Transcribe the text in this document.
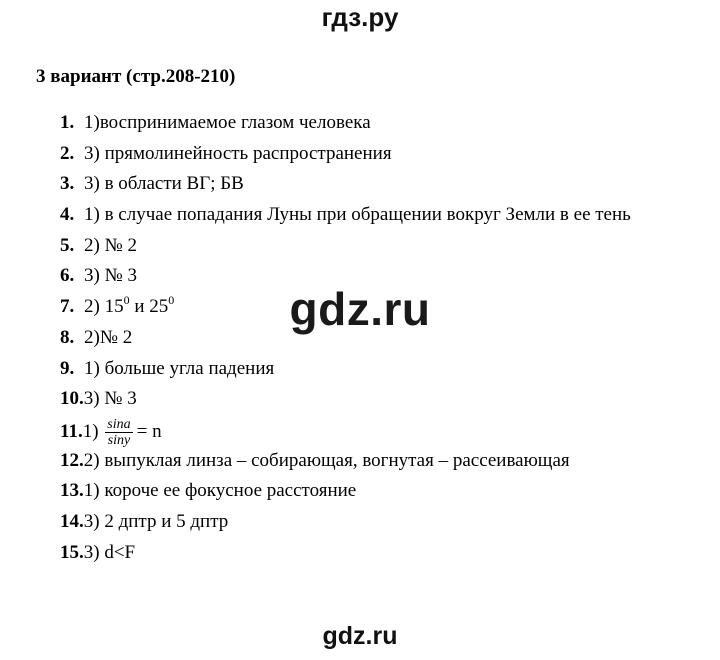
гдз.ру
3 вариант (стр.208-210)
1. 1)воспринимаемое глазом человека
2. 3) прямолинейность распространения
3. 3) в области ВГ; БВ
4. 1) в случае попадания Луны при обращении вокруг Земли в ее тень
5. 2) № 2
6. 3) № 3
7. 2) $15^0$ и $25^0$
8. 2)№ 2
9. 1) больше угла падения
10.3) № 3
$11.1) \frac{\sin a}{\sin y} = n$
12.2) выпуклая линза – собирающая, вогнутая – рассеивающая
13.1) короче ее фокусное расстояние
14.3) 2 дптр и 5 дптр
15.3) d<F
gdz.ru
gdz.ru
